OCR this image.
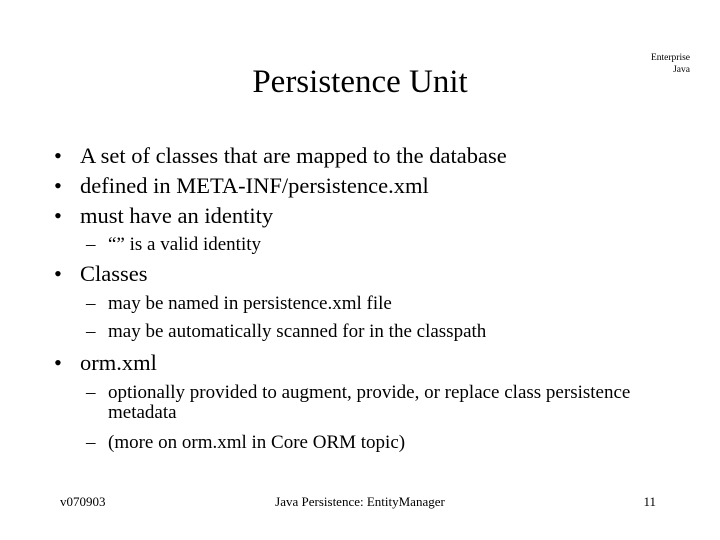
Persistence Unit
Enterprise
Java
• A set of classes that are mapped to the database
• defined in META-INF/persistence.xml
• must have an identity
– “” is a valid identity
• Classes
– may be named in persistence.xml file
– may be automatically scanned for in the classpath
• orm.xml
– optionally provided to augment, provide, or replace class persistence metadata
– (more on orm.xml in Core ORM topic)
v070903	Java Persistence: EntityManager	11
